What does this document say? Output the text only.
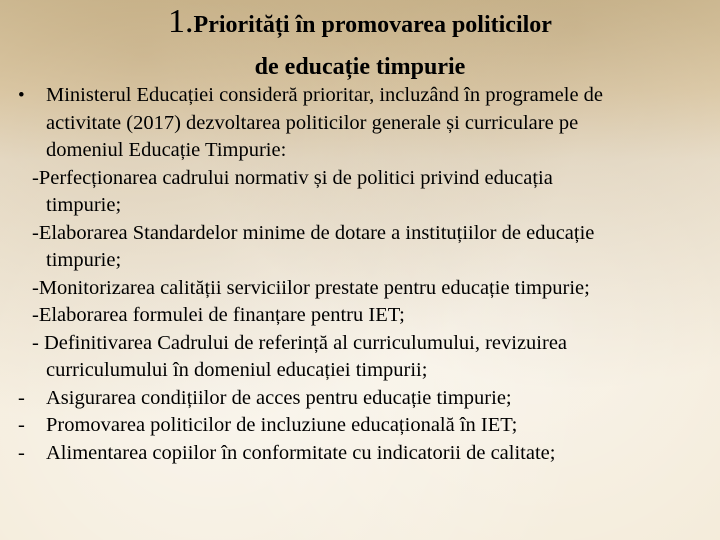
1.Priorități în promovarea politicilor
de educație timpurie
• Ministerul Educației consideră prioritar, incluzând în programele de

activitate (2017) dezvoltarea politicilor generale și curriculare pe

domeniul Educație Timpurie:

-Perfecționarea cadrului normativ și de politici privind educația

timpurie;

-Elaborarea Standardelor minime de dotare a instituțiilor de educație

timpurie;

-Monitorizarea calității serviciilor prestate pentru educație timpurie;

-Elaborarea formulei de finanțare pentru IET;

- Definitivarea Cadrului de referință al curriculumului, revizuirea

curriculumului în domeniul educației timpurii;

- Asigurarea condițiilor de acces pentru educație timpurie;

- Promovarea politicilor de incluziune educațională în IET;

- Alimentarea copiilor în conformitate cu indicatorii de calitate;
